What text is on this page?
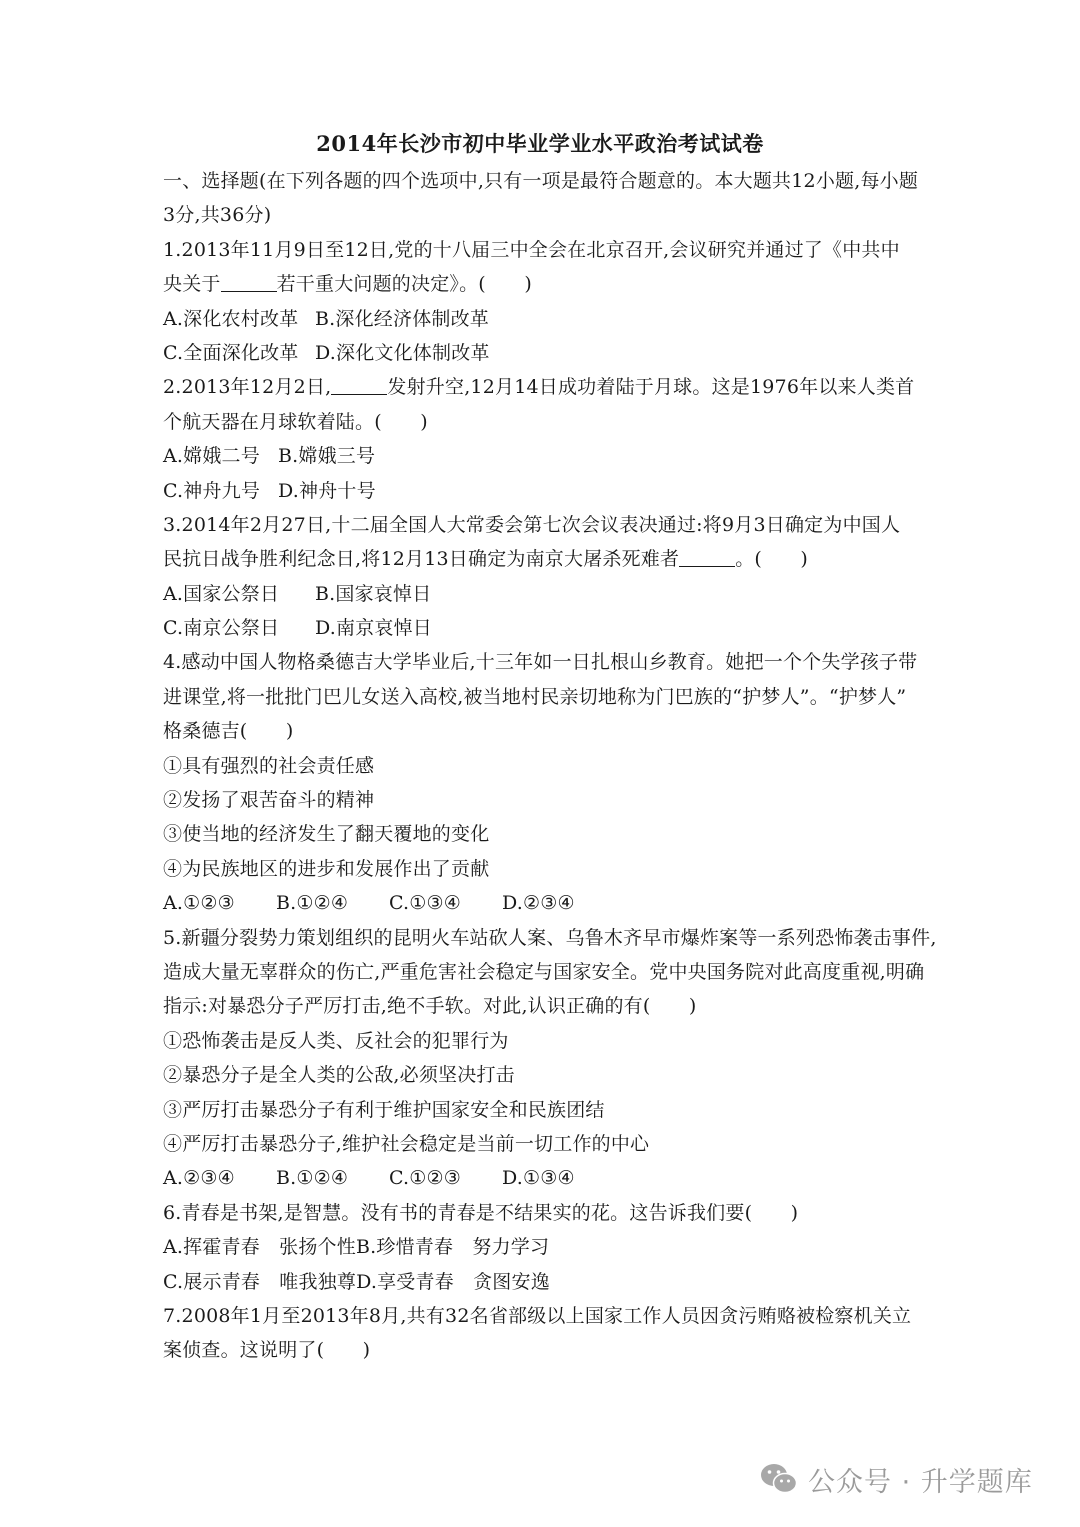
2014年长沙市初中毕业学业水平政治考试试卷
一、选择题(在下列各题的四个选项中,只有一项是最符合题意的。本大题共12小题,每小题
3分,共36分)
1.2013年11月9日至12日,党的十八届三中全会在北京召开,会议研究并通过了《中共中
央关于	若干重大问题的决定》。(　　)
A.深化农村改革 B.深化经济体制改革
C.全面深化改革 D.深化文化体制改革
2.2013年12月2日,	发射升空,12月14日成功着陆于月球。这是1976年以来人类首
个航天器在月球软着陆。(　　)
A.嫦娥二号 B.嫦娥三号
C.神舟九号 D.神舟十号
3.2014年2月27日,十二届全国人大常委会第七次会议表决通过:将9月3日确定为中国人
民抗日战争胜利纪念日,将12月13日确定为南京大屠杀死难者	。(　　)
A.国家公祭日 B.国家哀悼日
C.南京公祭日 D.南京哀悼日
4.感动中国人物格桑德吉大学毕业后,十三年如一日扎根山乡教育。她把一个个失学孩子带
进课堂,将一批批门巴儿女送入高校,被当地村民亲切地称为门巴族的“护梦人”。“护梦人”
格桑德吉(　　)
①具有强烈的社会责任感
②发扬了艰苦奋斗的精神
③使当地的经济发生了翻天覆地的变化
④为民族地区的进步和发展作出了贡献
A.①②③ B.①②④ C.①③④ D.②③④
5.新疆分裂势力策划组织的昆明火车站砍人案、乌鲁木齐早市爆炸案等一系列恐怖袭击事件,
造成大量无辜群众的伤亡,严重危害社会稳定与国家安全。党中央国务院对此高度重视,明确
指示:对暴恐分子严厉打击,绝不手软。对此,认识正确的有(　　)
①恐怖袭击是反人类、反社会的犯罪行为
②暴恐分子是全人类的公敌,必须坚决打击
③严厉打击暴恐分子有利于维护国家安全和民族团结
④严厉打击暴恐分子,维护社会稳定是当前一切工作的中心
A.②③④ B.①②④ C.①②③ D.①③④
6.青春是书架,是智慧。没有书的青春是不结果实的花。这告诉我们要(　　)
A.挥霍青春　张扬个性B.珍惜青春　努力学习
C.展示青春　唯我独尊D.享受青春　贪图安逸
7.2008年1月至2013年8月,共有32名省部级以上国家工作人员因贪污贿赂被检察机关立
案侦查。这说明了(　　)
公众号 · 升学题库
